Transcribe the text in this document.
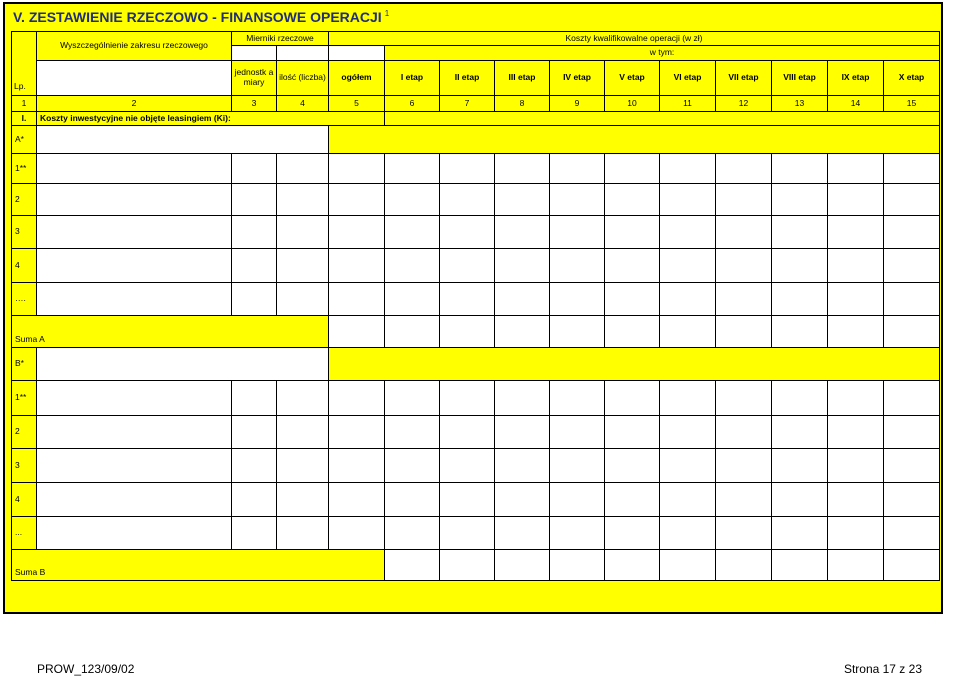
V. ZESTAWIENIE RZECZOWO - FINANSOWE OPERACJI $^1$
Lp.	Wyszczególnienie zakresu rzeczowego	Mierniki rzeczowe		Koszty kwalifikowalne operacji (w zł)										
					w tym:									
		jednostk a miary	ilość (liczba)	ogółem	I etap	II etap	III etap	IV etap	V etap	VI etap	VII etap	VIII etap	IX etap	X etap
1	2	3	4	5	6	7	8	9	10	11	12	13	14	15
I.	Koszty inwestycyjne nie objęte leasingiem (Ki):													
A*														
1**														
2														
3														
4														
….														
Suma A														
B*														
1**														
2														
3														
4														
...														
Suma B														
PROW_123/09/02	Strona 17 z 23
